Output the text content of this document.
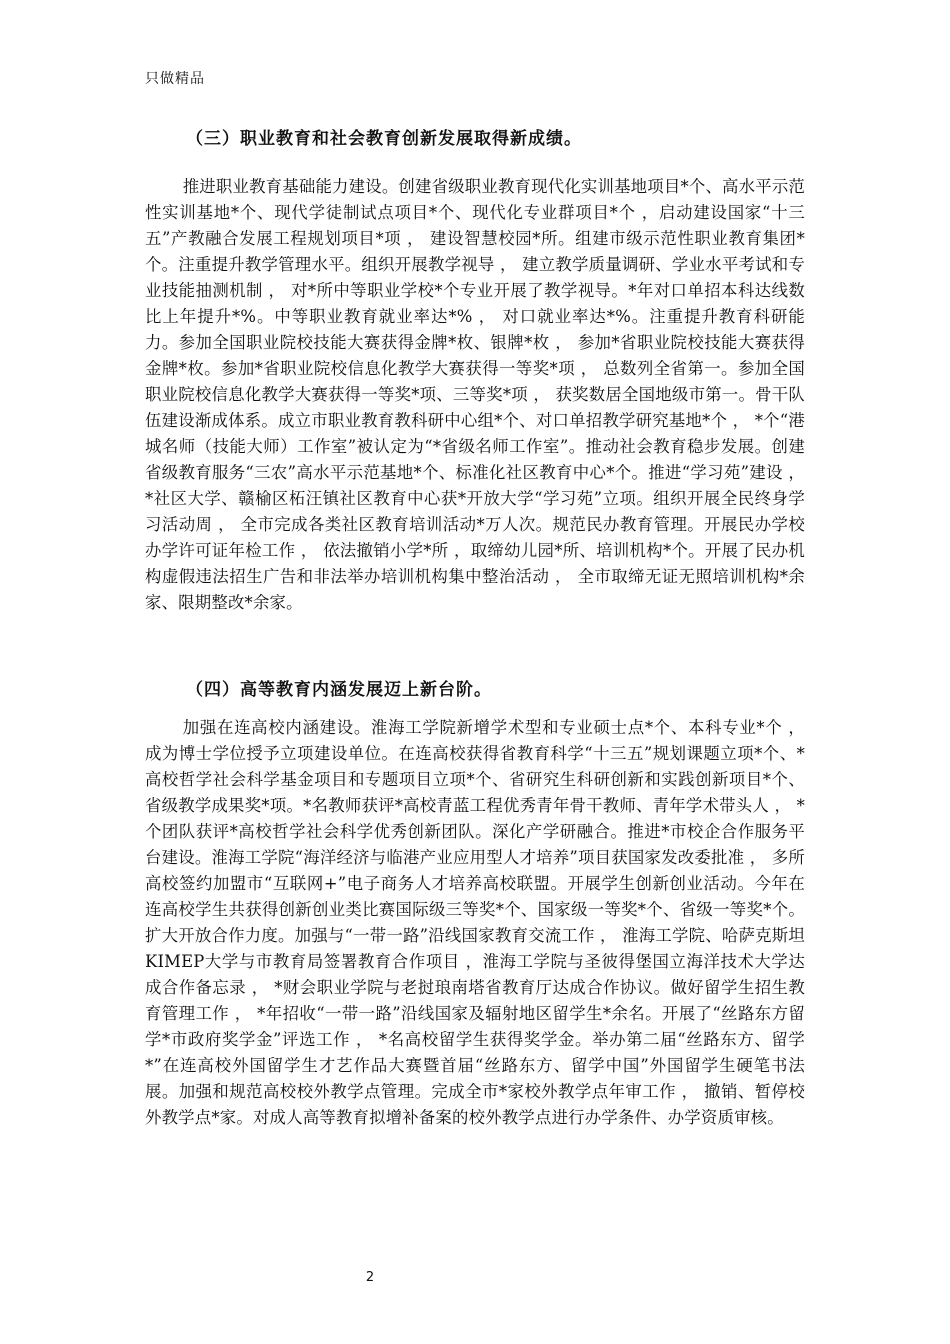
只做精品
（三）职业教育和社会教育创新发展取得新成绩。

推进职业教育基础能力建设。创建省级职业教育现代化实训基地项目*个、高水平示范性实训基地*个、现代学徒制试点项目*个、现代化专业群项目*个 ，启动建设国家“十三五”产教融合发展工程规划项目*项 ， 建设智慧校园*所。组建市级示范性职业教育集团*个。注重提升教学管理水平。组织开展教学视导 ， 建立教学质量调研、学业水平考试和专业技能抽测机制 ， 对*所中等职业学校*个专业开展了教学视导。*年对口单招本科达线数比上年提升*%。中等职业教育就业率达*% ， 对口就业率达*%。注重提升教育科研能力。参加全国职业院校技能大赛获得金牌*枚、银牌*枚 ， 参加*省职业院校技能大赛获得金牌*枚。参加*省职业院校信息化教学大赛获得一等奖*项 ， 总数列全省第一。参加全国职业院校信息化教学大赛获得一等奖*项、三等奖*项 ， 获奖数居全国地级市第一。骨干队伍建设渐成体系。成立市职业教育教科研中心组*个、对口单招教学研究基地*个 ， *个“港城名师（技能大师）工作室”被认定为“*省级名师工作室”。推动社会教育稳步发展。创建省级教育服务“三农”高水平示范基地*个、标准化社区教育中心*个。推进“学习苑”建设 ，*社区大学、赣榆区柘汪镇社区教育中心获*开放大学“学习苑”立项。组织开展全民终身学习活动周 ， 全市完成各类社区教育培训活动*万人次。规范民办教育管理。开展民办学校办学许可证年检工作 ， 依法撤销小学*所 ，取缔幼儿园*所、培训机构*个。开展了民办机构虚假违法招生广告和非法举办培训机构集中整治活动 ， 全市取缔无证无照培训机构*余家、限期整改*余家。

（四）高等教育内涵发展迈上新台阶。

加强在连高校内涵建设。淮海工学院新增学术型和专业硕士点*个、本科专业*个 ， 成为博士学位授予立项建设单位。在连高校获得省教育科学“十三五”规划课题立项*个、*高校哲学社会科学基金项目和专题项目立项*个、省研究生科研创新和实践创新项目*个、省级教学成果奖*项。*名教师获评*高校青蓝工程优秀青年骨干教师、青年学术带头人 ， *个团队获评*高校哲学社会科学优秀创新团队。深化产学研融合。推进*市校企合作服务平台建设。淮海工学院“海洋经济与临港产业应用型人才培养”项目获国家发改委批准 ， 多所高校签约加盟市“互联网+”电子商务人才培养高校联盟。开展学生创新创业活动。今年在连高校学生共获得创新创业类比赛国际级三等奖*个、国家级一等奖*个、省级一等奖*个。扩大开放合作力度。加强与“一带一路”沿线国家教育交流工作 ， 淮海工学院、哈萨克斯坦KIMEP大学与市教育局签署教育合作项目 ，淮海工学院与圣彼得堡国立海洋技术大学达成合作备忘录 ， *财会职业学院与老挝琅南塔省教育厅达成合作协议。做好留学生招生教育管理工作 ， *年招收“一带一路”沿线国家及辐射地区留学生*余名。开展了“丝路东方留学*市政府奖学金”评选工作 ， *名高校留学生获得奖学金。举办第二届“丝路东方、留学*”在连高校外国留学生才艺作品大赛暨首届“丝路东方、留学中国”外国留学生硬笔书法展。加强和规范高校校外教学点管理。完成全市*家校外教学点年审工作 ， 撤销、暂停校外教学点*家。对成人高等教育拟增补备案的校外教学点进行办学条件、办学资质审核。

2
